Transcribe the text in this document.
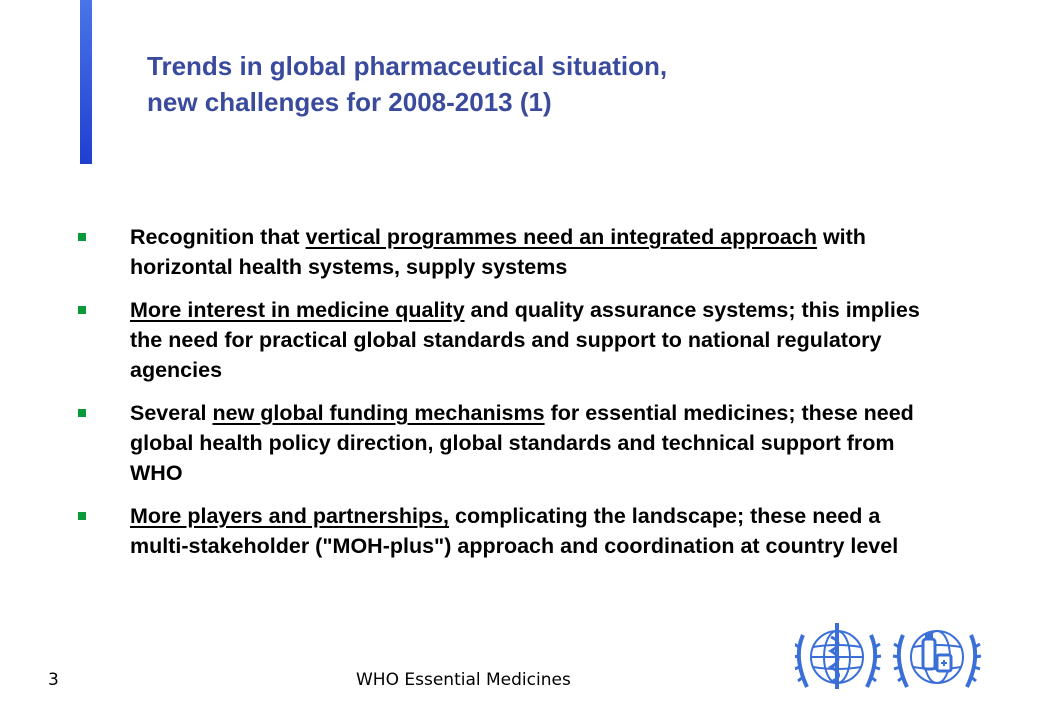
Trends in global pharmaceutical situation,
new challenges for 2008-2013 (1)
Recognition that vertical programmes need an integrated approach with horizontal health systems, supply systems
More interest in medicine quality and quality assurance systems; this implies the need for practical global standards and support to national regulatory agencies
Several new global funding mechanisms for essential medicines; these need global health policy direction, global standards and technical support from WHO
More players and partnerships, complicating the landscape; these need a multi-stakeholder ("MOH-plus") approach and coordination at country level
3	WHO Essential Medicines
